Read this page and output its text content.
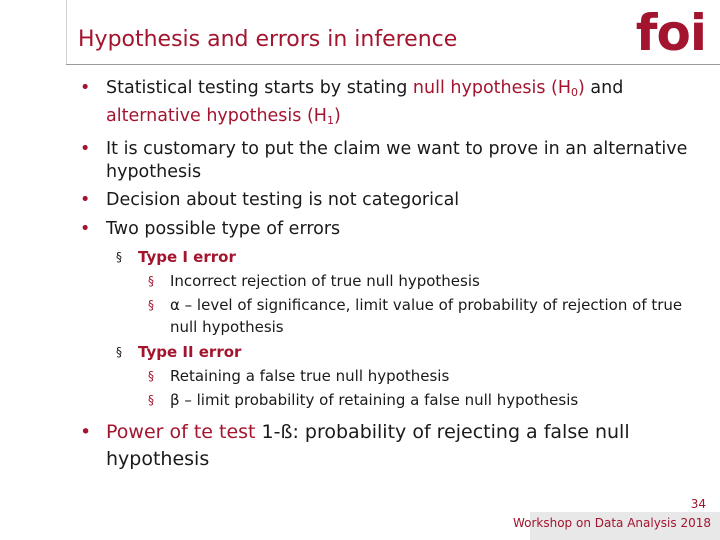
Hypothesis and errors in inference	foi
• Statistical testing starts by stating null hypothesis $(H_0)$ and alternative hypothesis $(H_1)$
• It is customary to put the claim we want to prove in an alternative hypothesis
• Decision about testing is not categorical
• Two possible type of errors
§ Type I error
§ Incorrect rejection of true null hypothesis
§ α – level of significance, limit value of probability of rejection of true null hypothesis
§ Type II error
§ Retaining a false true null hypothesis
§ β – limit probability of retaining a false null hypothesis
• Power of te test 1-ß: probability of rejecting a false null hypothesis
34
Workshop on Data Analysis 2018
